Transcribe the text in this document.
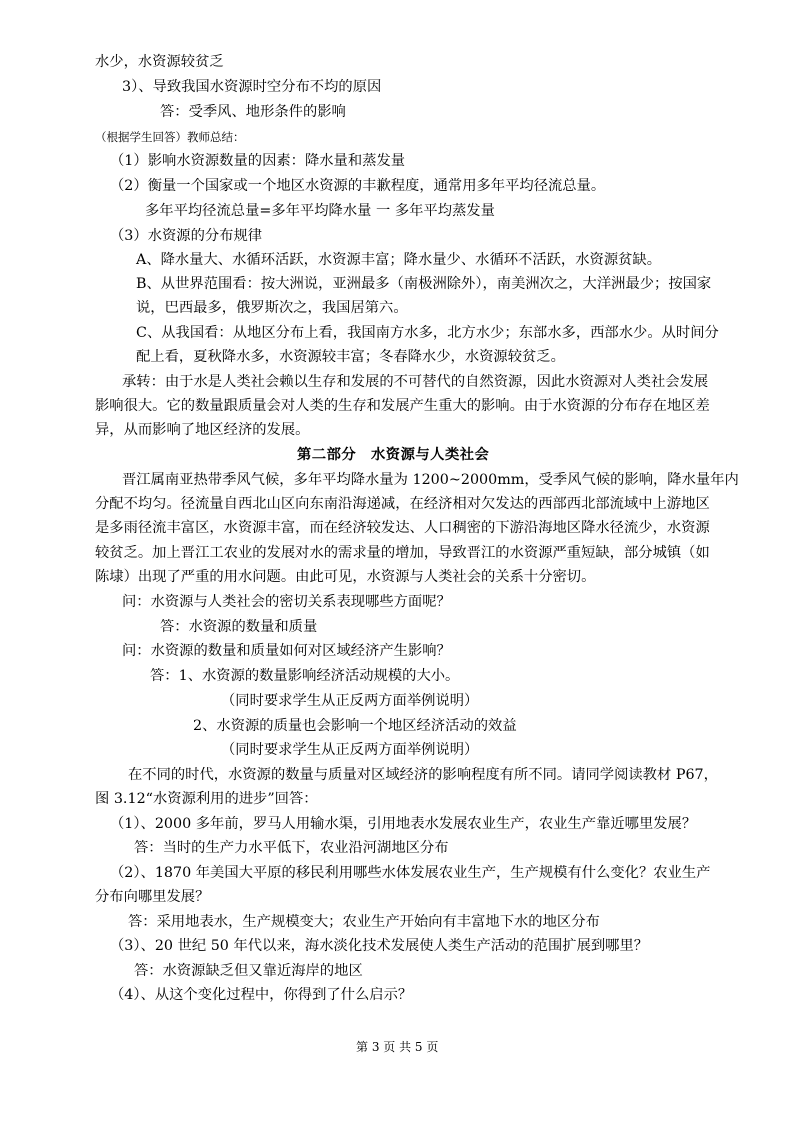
水少，水资源较贫乏
3）、导致我国水资源时空分布不均的原因
答：受季风、地形条件的影响
（根据学生回答）教师总结：
（1）影响水资源数量的因素：降水量和蒸发量
（2）衡量一个国家或一个地区水资源的丰歉程度，通常用多年平均径流总量。
多年平均径流总量=多年平均降水量 一 多年平均蒸发量
（3）水资源的分布规律
A、降水量大、水循环活跃，水资源丰富；降水量少、水循环不活跃，水资源贫缺。
B、从世界范围看：按大洲说，亚洲最多（南极洲除外），南美洲次之，大洋洲最少；按国家
说，巴西最多，俄罗斯次之，我国居第六。
C、从我国看：从地区分布上看，我国南方水多，北方水少；东部水多，西部水少。从时间分
配上看，夏秋降水多，水资源较丰富；冬春降水少，水资源较贫乏。
承转：由于水是人类社会赖以生存和发展的不可替代的自然资源，因此水资源对人类社会发展
影响很大。它的数量跟质量会对人类的生存和发展产生重大的影响。由于水资源的分布存在地区差
异，从而影响了地区经济的发展。
第二部分　水资源与人类社会
晋江属南亚热带季风气候，多年平均降水量为 1200~2000mm，受季风气候的影响，降水量年内
分配不均匀。径流量自西北山区向东南沿海递减，在经济相对欠发达的西部西北部流域中上游地区
是多雨径流丰富区，水资源丰富，而在经济较发达、人口稠密的下游沿海地区降水径流少，水资源
较贫乏。加上晋江工农业的发展对水的需求量的增加，导致晋江的水资源严重短缺，部分城镇（如
陈埭）出现了严重的用水问题。由此可见，水资源与人类社会的关系十分密切。
问：水资源与人类社会的密切关系表现哪些方面呢？
答：水资源的数量和质量
问：水资源的数量和质量如何对区域经济产生影响？
答：1、水资源的数量影响经济活动规模的大小。
（同时要求学生从正反两方面举例说明）
2、水资源的质量也会影响一个地区经济活动的效益
（同时要求学生从正反两方面举例说明）
在不同的时代，水资源的数量与质量对区域经济的影响程度有所不同。请同学阅读教材 P67，
图 3.12“水资源利用的进步”回答：
（1）、2000 多年前，罗马人用输水渠，引用地表水发展农业生产，农业生产靠近哪里发展？
答：当时的生产力水平低下，农业沿河湖地区分布
（2）、1870 年美国大平原的移民利用哪些水体发展农业生产，生产规模有什么变化？农业生产
分布向哪里发展？
答：采用地表水，生产规模变大；农业生产开始向有丰富地下水的地区分布
（3）、20 世纪 50 年代以来，海水淡化技术发展使人类生产活动的范围扩展到哪里？
答：水资源缺乏但又靠近海岸的地区
（4）、从这个变化过程中，你得到了什么启示？
第 3 页 共 5 页
